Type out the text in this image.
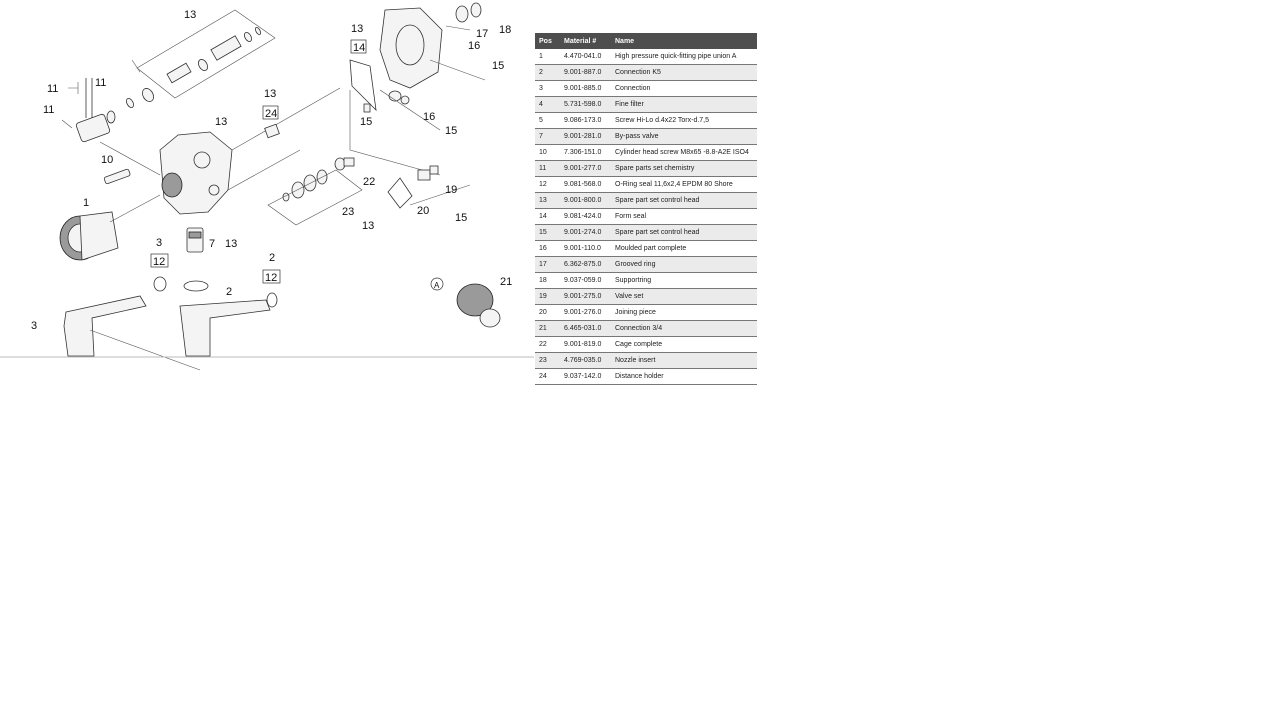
13
13
14
17 18
16
15
11	11
11
13
24
13	15	16
15
10
22
19
1
23	20
13
15
7 13
3
12
2
2
12	21
A
3
Pos	Material #	Name
1	4.470-041.0	High pressure quick-fitting pipe union A
2	9.001-887.0	Connection K5
3	9.001-885.0	Connection
4	5.731-598.0	Fine filter
5	9.086-173.0	Screw Hi-Lo d.4x22 Torx-d.7,5
7	9.001-281.0	By-pass valve
10	7.306-151.0	Cylinder head screw M8x65 -8.8-A2E ISO4
11	9.001-277.0	Spare parts set chemistry
12	9.081-568.0	O-Ring seal 11,6x2,4 EPDM 80 Shore
13	9.001-800.0	Spare part set control head
14	9.081-424.0	Form seal
15	9.001-274.0	Spare part set control head
16	9.001-110.0	Moulded part complete
17	6.362-875.0	Grooved ring
18	9.037-059.0	Supportring
19	9.001-275.0	Valve set
20	9.001-276.0	Joining piece
21	6.465-031.0	Connection 3/4
22	9.001-819.0	Cage complete
23	4.769-035.0	Nozzle insert
24	9.037-142.0	Distance holder
